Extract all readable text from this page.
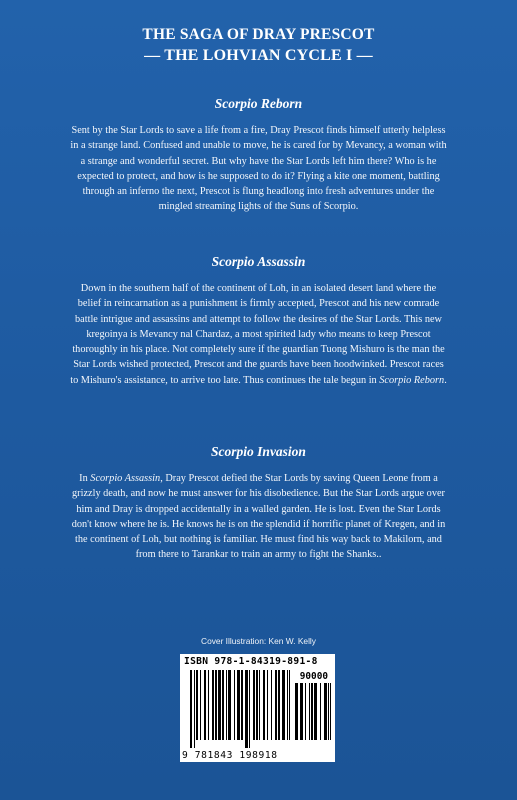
THE SAGA OF DRAY PRESCOT
— THE LOHVIAN CYCLE I —
Scorpio Reborn

Sent by the Star Lords to save a life from a fire, Dray Prescot finds himself utterly helpless in a strange land. Confused and unable to move, he is cared for by Mevancy, a woman with a strange and wonderful secret. But why have the Star Lords left him there? Who is he expected to protect, and how is he supposed to do it? Flying a kite one moment, battling through an inferno the next, Prescot is flung headlong into fresh adventures under the mingled streaming lights of the Suns of Scorpio.

Scorpio Assassin

Down in the southern half of the continent of Loh, in an isolated desert land where the belief in reincarnation as a punishment is firmly accepted, Prescot and his new comrade battle intrigue and assassins and attempt to follow the desires of the Star Lords. This new kregoinya is Mevancy nal Chardaz, a most spirited lady who means to keep Prescot thoroughly in his place. Not completely sure if the guardian Tuong Mishuro is the man the Star Lords wished protected, Prescot and the guards have been hoodwinked. Prescot races to Mishuro's assistance, to arrive too late. Thus continues the tale begun in Scorpio Reborn.

Scorpio Invasion

In Scorpio Assassin, Dray Prescot defied the Star Lords by saving Queen Leone from a grizzly death, and now he must answer for his disobedience. But the Star Lords argue over him and Dray is dropped accidentally in a walled garden. He is lost. Even the Star Lords don't know where he is. He knows he is on the splendid if horrific planet of Kregen, and in the continent of Loh, but nothing is familiar. He must find his way back to Makilorn, and from there to Tarankar to train an army to fight the Shanks..

Cover Illustration: Ken W. Kelly
ISBN 978-1-84319-891-8
90000
9 781843 198918
